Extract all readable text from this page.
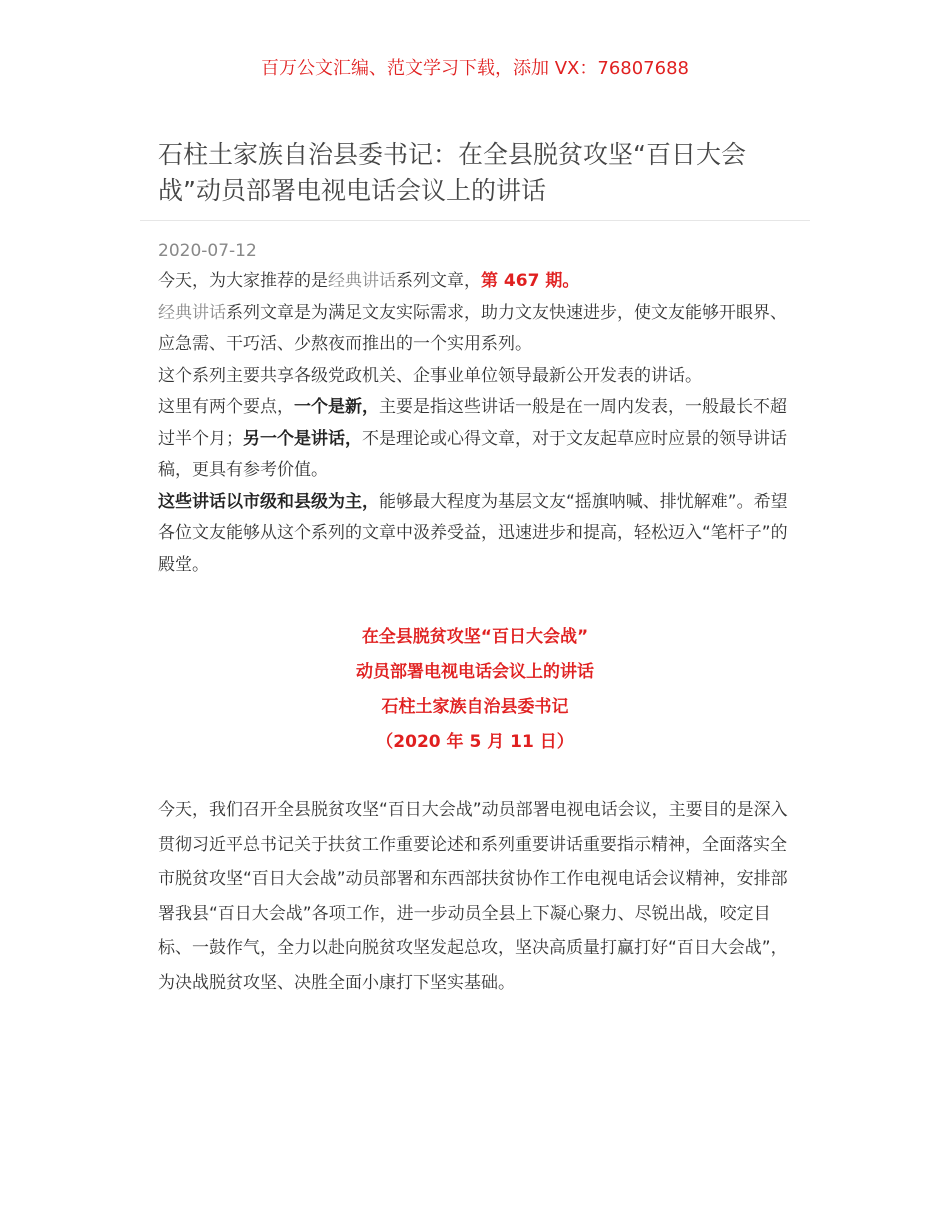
百万公文汇编、范文学习下载，添加 VX：76807688
石柱土家族自治县委书记：在全县脱贫攻坚“百日大会战”动员部署电视电话会议上的讲话
2020-07-12

今天，为大家推荐的是经典讲话系列文章，第 467 期。

经典讲话系列文章是为满足文友实际需求，助力文友快速进步，使文友能够开眼界、应急需、干巧活、少熬夜而推出的一个实用系列。

这个系列主要共享各级党政机关、企事业单位领导最新公开发表的讲话。

这里有两个要点，一个是新，主要是指这些讲话一般是在一周内发表，一般最长不超过半个月；另一个是讲话，不是理论或心得文章，对于文友起草应时应景的领导讲话稿，更具有参考价值。

这些讲话以市级和县级为主，能够最大程度为基层文友“摇旗呐喊、排忧解难”。希望各位文友能够从这个系列的文章中汲养受益，迅速进步和提高，轻松迈入“笔杆子”的殿堂。

在全县脱贫攻坚“百日大会战”
动员部署电视电话会议上的讲话
石柱土家族自治县委书记
（2020 年 5 月 11 日）

今天，我们召开全县脱贫攻坚“百日大会战”动员部署电视电话会议，主要目的是深入贯彻习近平总书记关于扶贫工作重要论述和系列重要讲话重要指示精神，全面落实全市脱贫攻坚“百日大会战”动员部署和东西部扶贫协作工作电视电话会议精神，安排部署我县“百日大会战”各项工作，进一步动员全县上下凝心聚力、尽锐出战，咬定目标、一鼓作气，全力以赴向脱贫攻坚发起总攻，坚决高质量打赢打好“百日大会战”，为决战脱贫攻坚、决胜全面小康打下坚实基础。
